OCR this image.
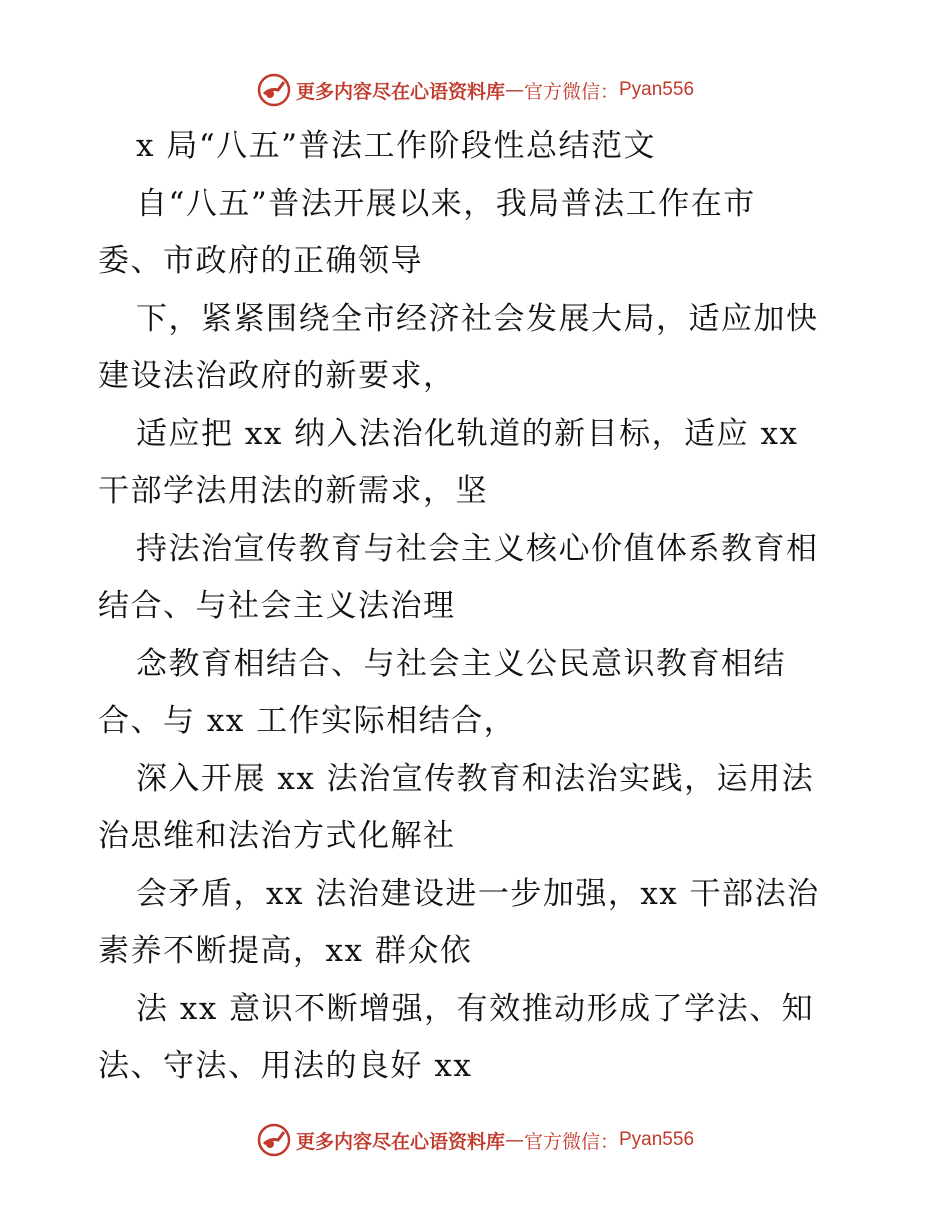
更多内容尽在心语资料库 — 官方微信： Pyan556
x 局“八五”普法工作阶段性总结范文
自“八五”普法开展以来，我局普法工作在市
委、市政府的正确领导
下，紧紧围绕全市经济社会发展大局，适应加快
建设法治政府的新要求，
适应把 xx 纳入法治化轨道的新目标，适应 xx
干部学法用法的新需求，坚
持法治宣传教育与社会主义核心价值体系教育相
结合、与社会主义法治理
念教育相结合、与社会主义公民意识教育相结
合、与 xx 工作实际相结合，
深入开展 xx 法治宣传教育和法治实践，运用法
治思维和法治方式化解社
会矛盾，xx 法治建设进一步加强，xx 干部法治
素养不断提高，xx 群众依
法 xx 意识不断增强，有效推动形成了学法、知
法、守法、用法的良好 xx
更多内容尽在心语资料库 — 官方微信： Pyan556
